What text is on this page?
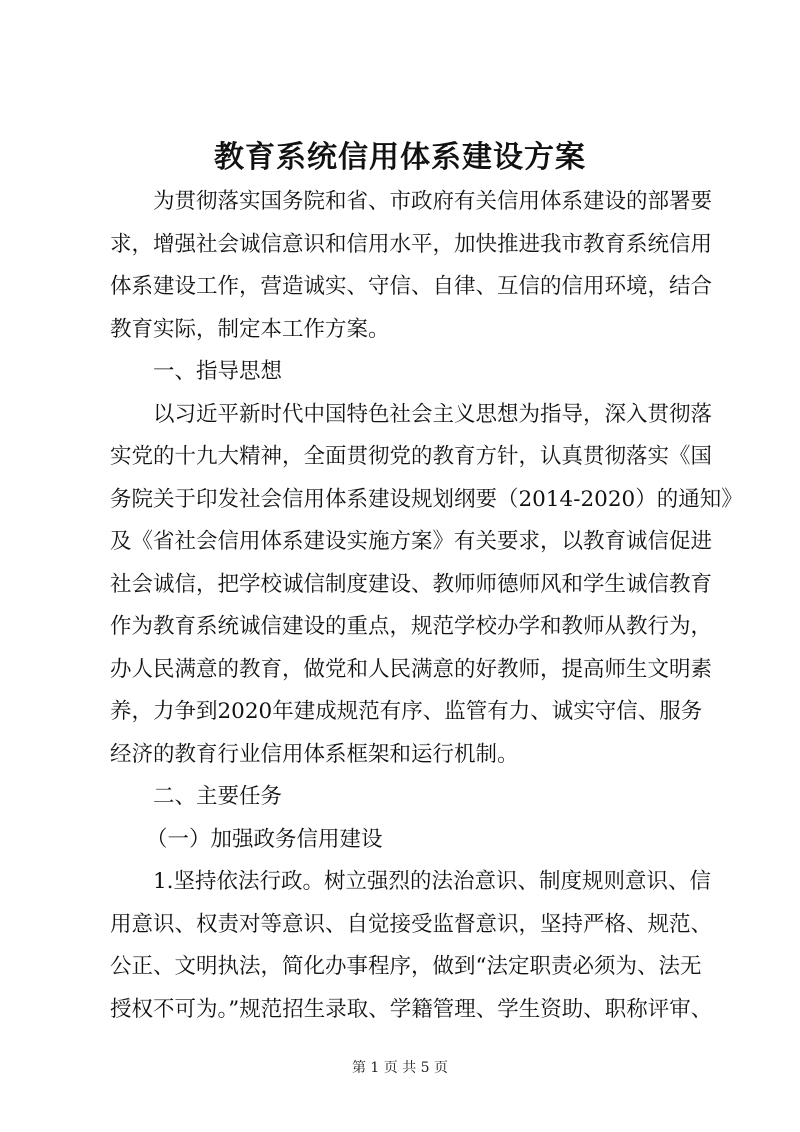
教育系统信用体系建设方案
为贯彻落实国务院和省、市政府有关信用体系建设的部署要
求，增强社会诚信意识和信用水平，加快推进我市教育系统信用
体系建设工作，营造诚实、守信、自律、互信的信用环境，结合
教育实际，制定本工作方案。
一、指导思想
以习近平新时代中国特色社会主义思想为指导，深入贯彻落
实党的十九大精神，全面贯彻党的教育方针，认真贯彻落实《国
务院关于印发社会信用体系建设规划纲要（2014-2020）的通知》
及《省社会信用体系建设实施方案》有关要求，以教育诚信促进
社会诚信，把学校诚信制度建设、教师师德师风和学生诚信教育
作为教育系统诚信建设的重点，规范学校办学和教师从教行为，
办人民满意的教育，做党和人民满意的好教师，提高师生文明素
养，力争到2020年建成规范有序、监管有力、诚实守信、服务
经济的教育行业信用体系框架和运行机制。
二、主要任务
（一）加强政务信用建设
1.坚持依法行政。树立强烈的法治意识、制度规则意识、信
用意识、权责对等意识、自觉接受监督意识，坚持严格、规范、
公正、文明执法，简化办事程序，做到“法定职责必须为、法无
授权不可为。”规范招生录取、学籍管理、学生资助、职称评审、
第 1 页 共 5 页
